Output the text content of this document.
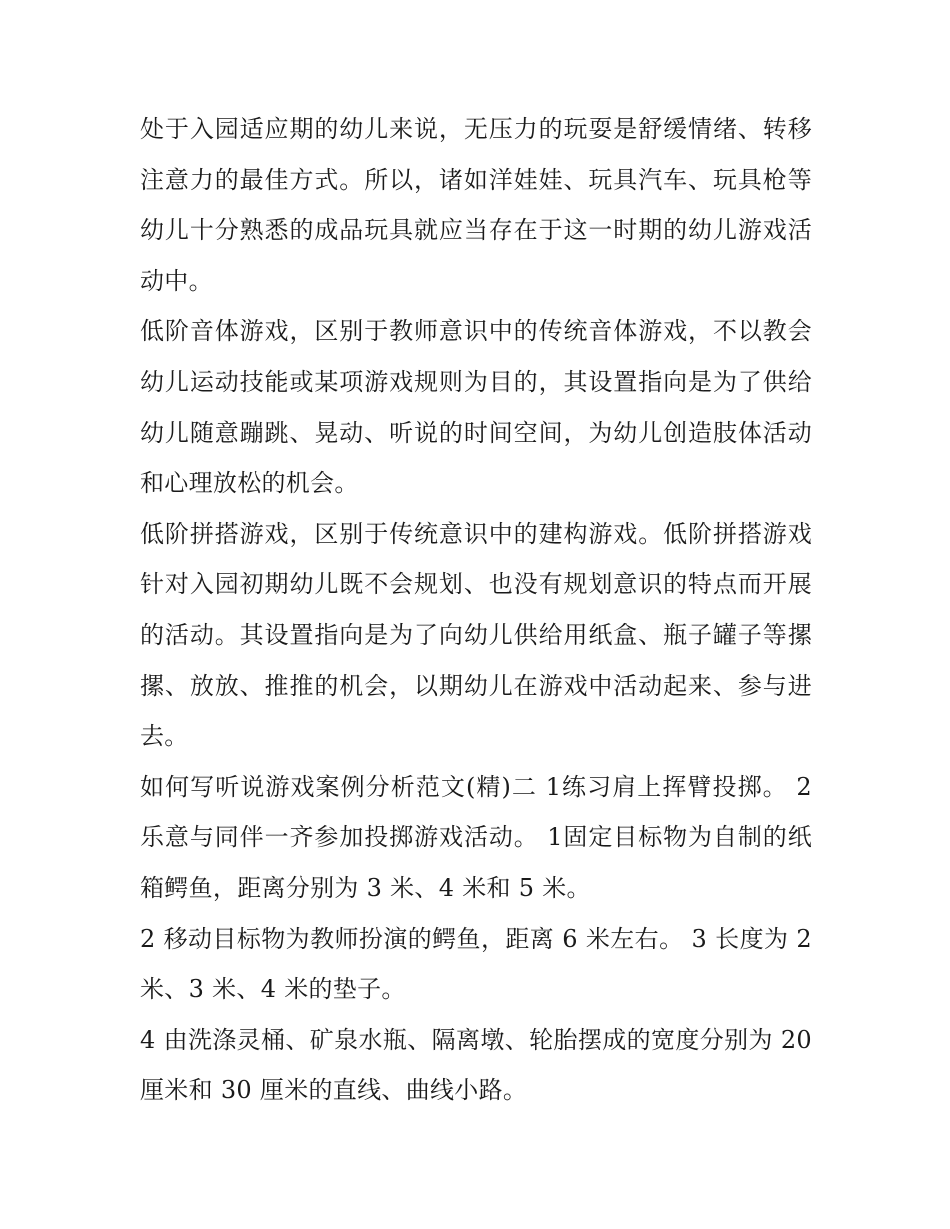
处于入园适应期的幼儿来说，无压力的玩耍是舒缓情绪、转移注意力的最佳方式。所以，诸如洋娃娃、玩具汽车、玩具枪等幼儿十分熟悉的成品玩具就应当存在于这一时期的幼儿游戏活动中。

低阶音体游戏，区别于教师意识中的传统音体游戏，不以教会幼儿运动技能或某项游戏规则为目的，其设置指向是为了供给幼儿随意蹦跳、晃动、听说的时间空间，为幼儿创造肢体活动和心理放松的机会。

低阶拼搭游戏，区别于传统意识中的建构游戏。低阶拼搭游戏针对入园初期幼儿既不会规划、也没有规划意识的特点而开展的活动。其设置指向是为了向幼儿供给用纸盒、瓶子罐子等摞摞、放放、推推的机会，以期幼儿在游戏中活动起来、参与进去。

如何写听说游戏案例分析范文(精)二 1练习肩上挥臂投掷。 2乐意与同伴一齐参加投掷游戏活动。 1固定目标物为自制的纸箱鳄鱼，距离分别为 3 米、4 米和 5 米。

2 移动目标物为教师扮演的鳄鱼，距离 6 米左右。 3 长度为 2米、3 米、4 米的垫子。

4 由洗涤灵桶、矿泉水瓶、隔离墩、轮胎摆成的宽度分别为 20厘米和 30 厘米的直线、曲线小路。
